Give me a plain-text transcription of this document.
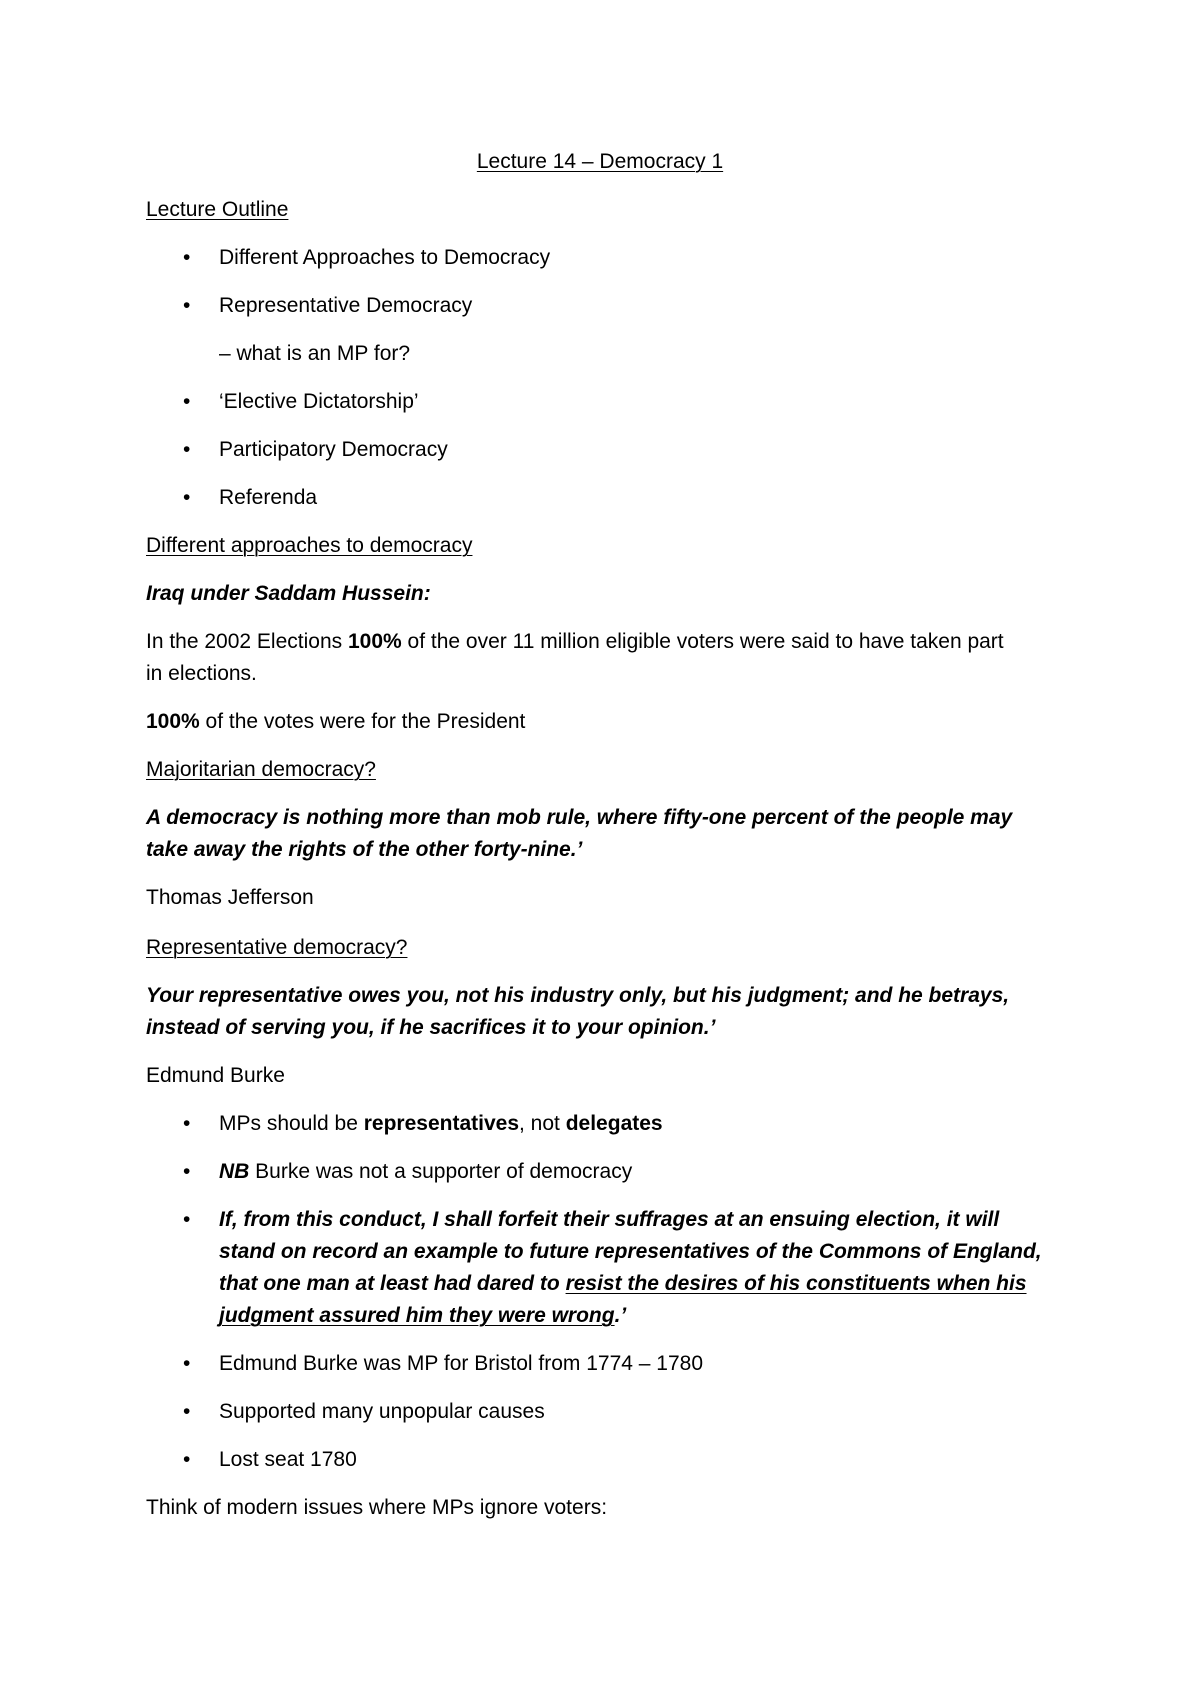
Lecture 14 – Democracy 1
Lecture Outline
•	Different Approaches to Democracy
•	Representative Democracy
– what is an MP for?
•	‘Elective Dictatorship’
•	Participatory Democracy
•	Referenda
Different approaches to democracy
Iraq under Saddam Hussein:
In the 2002 Elections 100% of the over 11 million eligible voters were said to have taken part
in elections.
100% of the votes were for the President
Majoritarian democracy?
A democracy is nothing more than mob rule, where fifty-one percent of the people may
take away the rights of the other forty-nine.’
Thomas Jefferson
Representative democracy?
Your representative owes you, not his industry only, but his judgment; and he betrays,
instead of serving you, if he sacrifices it to your opinion.’
Edmund Burke
•	MPs should be representatives, not delegates
•	NB Burke was not a supporter of democracy
•	If, from this conduct, I shall forfeit their suffrages at an ensuing election, it will
stand on record an example to future representatives of the Commons of England,
that one man at least had dared to resist the desires of his constituents when his
judgment assured him they were wrong.’
•	Edmund Burke was MP for Bristol from 1774 – 1780
•	Supported many unpopular causes
•	Lost seat 1780
Think of modern issues where MPs ignore voters:
